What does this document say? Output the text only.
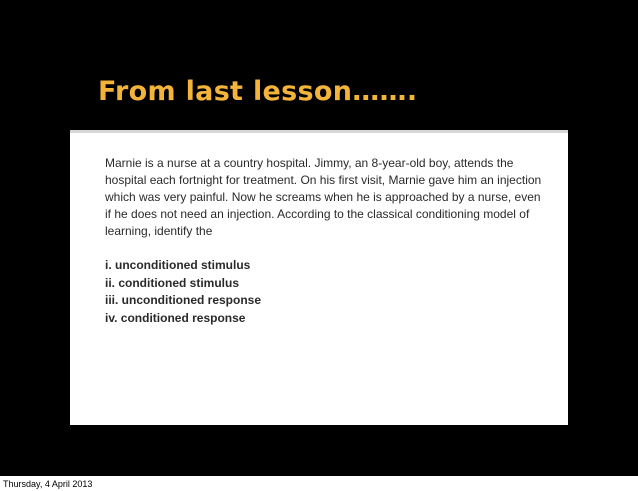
From last lesson…….

Marnie is a nurse at a country hospital. Jimmy, an 8-year-old boy, attends the hospital each fortnight for treatment. On his first visit, Marnie gave him an injection which was very painful. Now he screams when he is approached by a nurse, even if he does not need an injection. According to the classical conditioning model of learning, identify the

i. unconditioned stimulus
ii. conditioned stimulus
iii. unconditioned response
iv. conditioned response
Thursday, 4 April 2013
